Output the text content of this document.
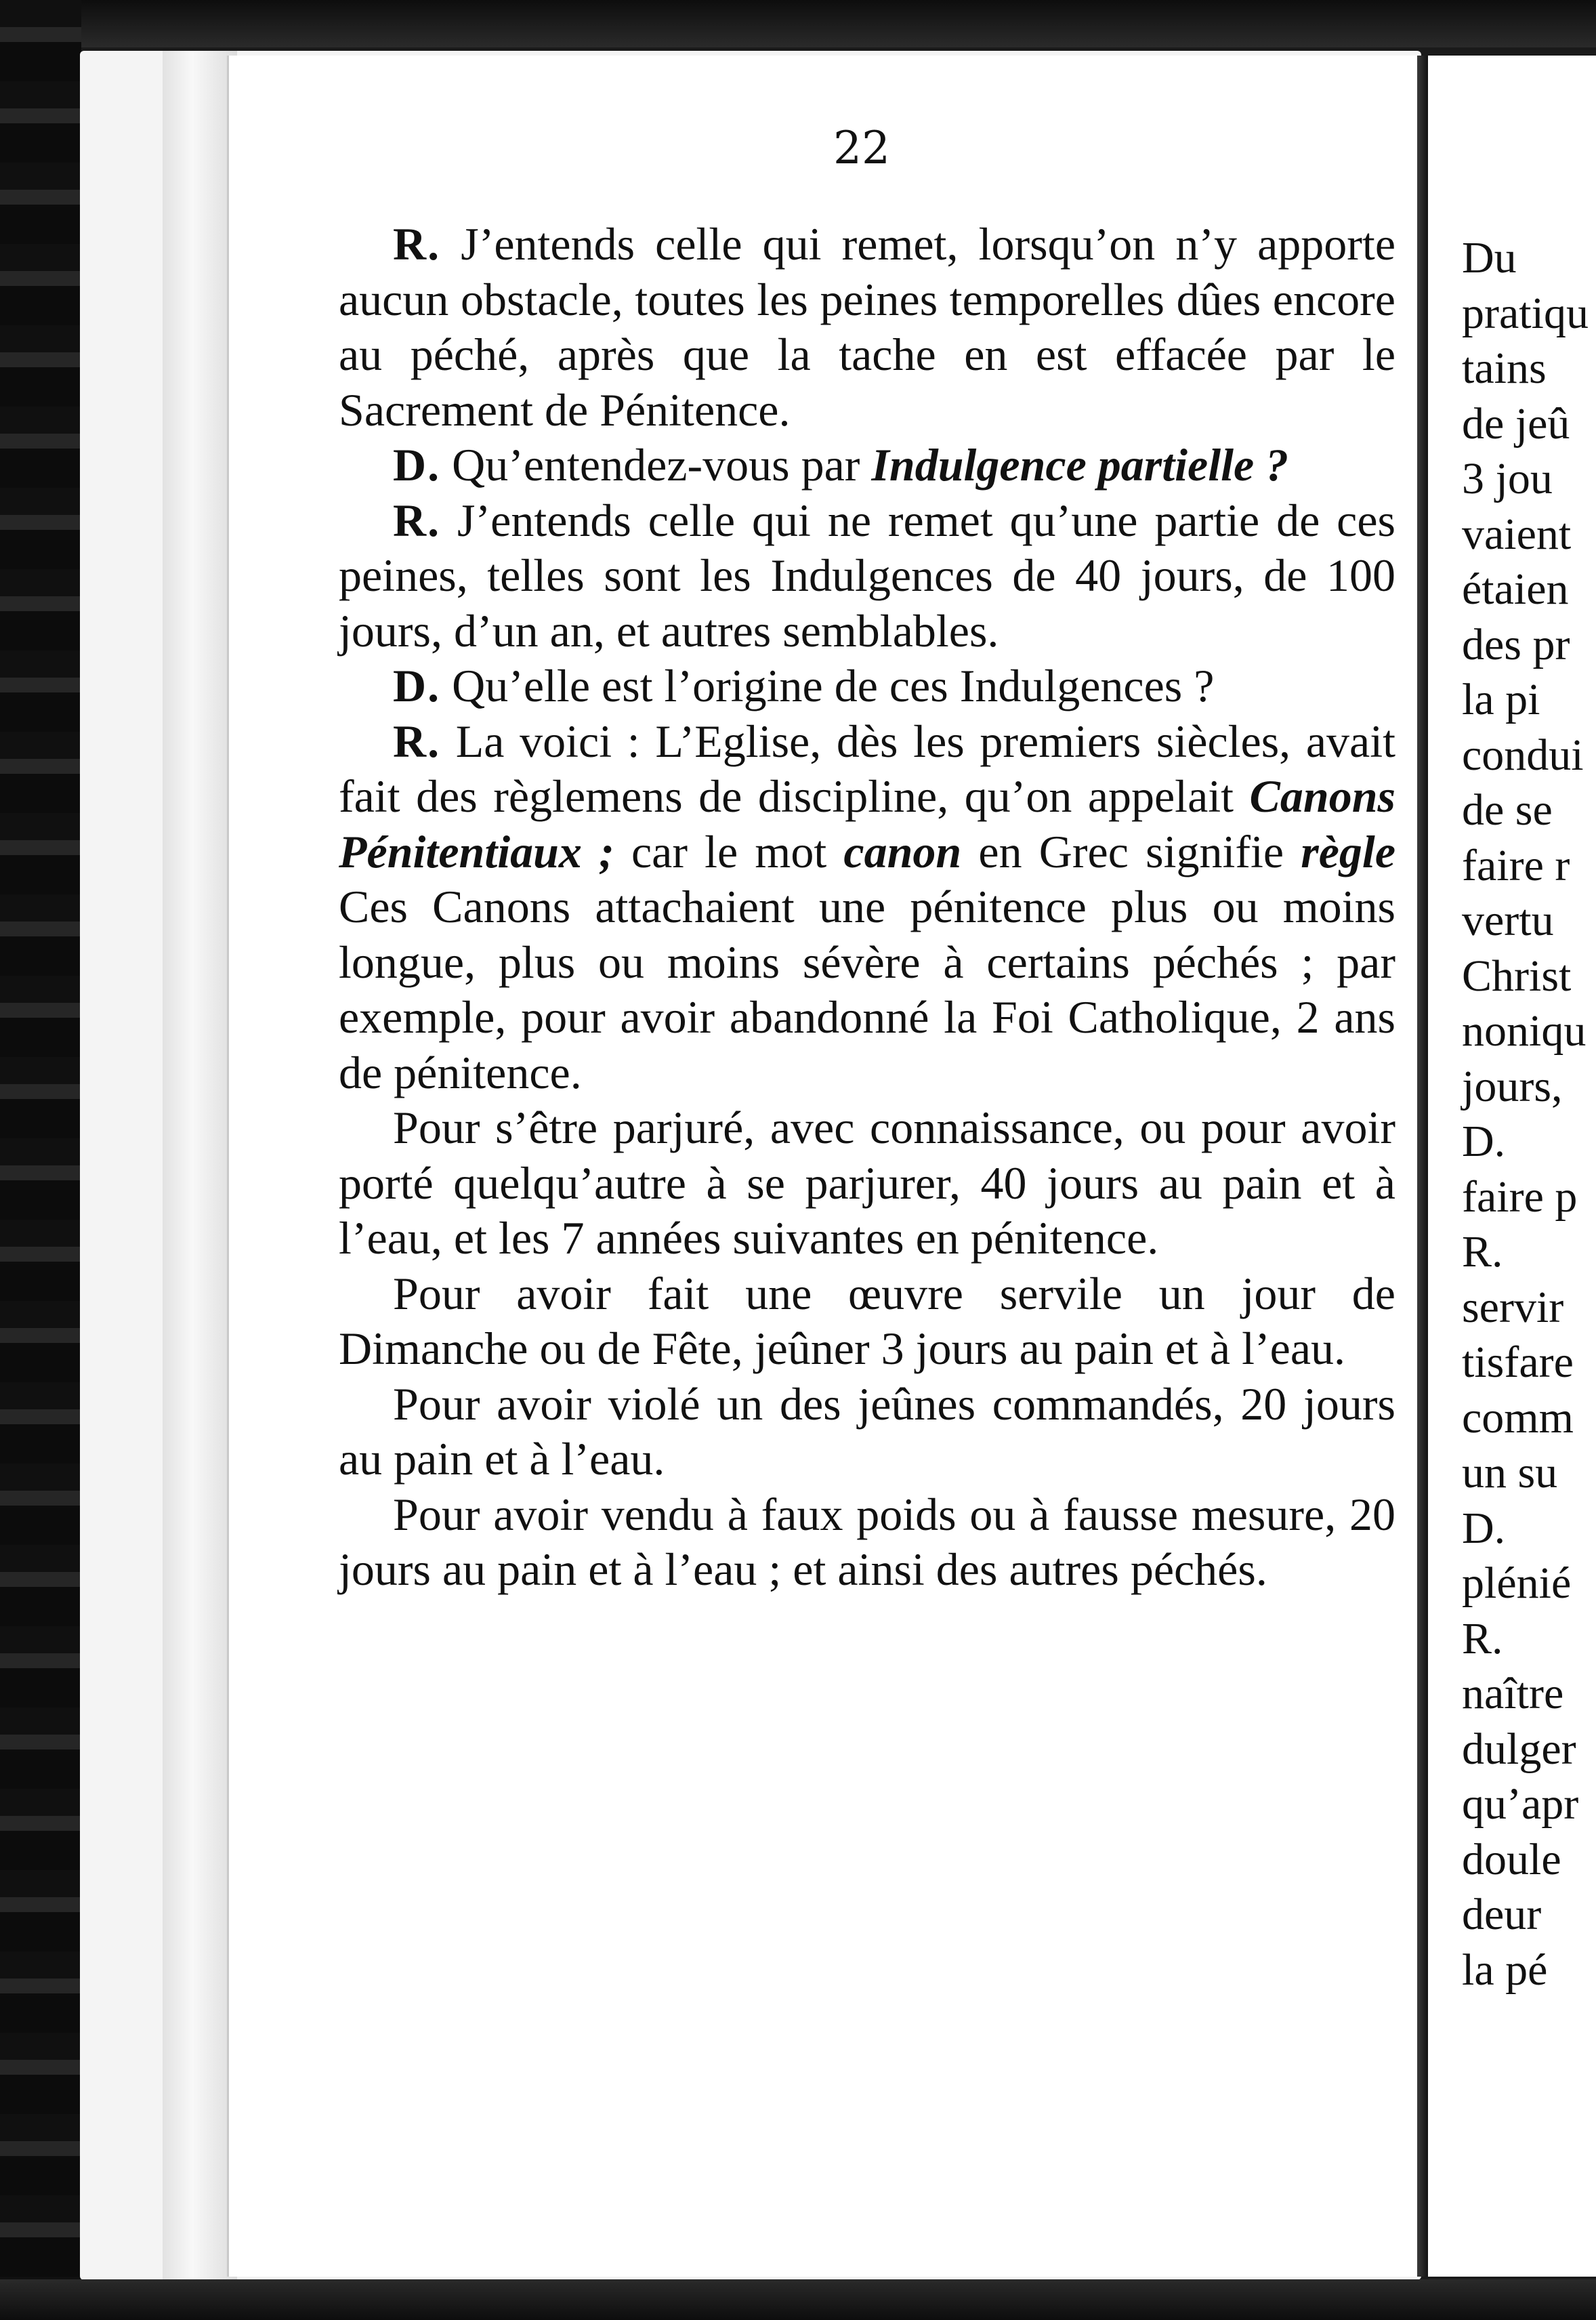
22

R. J’entends celle qui remet, lorsqu’on n’y apporte aucun obstacle, toutes les peines temporelles dûes encore au péché, après que la tache en est effacée par le Sacrement de Pénitence.

D. Qu’entendez-vous par Indulgence partielle ?

R. J’entends celle qui ne remet qu’une partie de ces peines, telles sont les Indulgences de 40 jours, de 100 jours, d’un an, et autres semblables.

D. Qu’elle est l’origine de ces Indulgences ?

R. La voici : L’Eglise, dès les premiers siècles, avait fait des règlemens de discipline, qu’on appelait Canons Pénitentiaux ; car le mot canon en Grec signifie règle Ces Canons attachaient une pénitence plus ou moins longue, plus ou moins sévère à certains péchés ; par exemple, pour avoir abandonné la Foi Catholique, 2 ans de pénitence.

Pour s’être parjuré, avec connaissance, ou pour avoir porté quelqu’autre à se parjurer, 40 jours au pain et à l’eau, et les 7 années suivantes en pénitence.

Pour avoir fait une œuvre servile un jour de Dimanche ou de Fête, jeûner 3 jours au pain et à l’eau.

Pour avoir violé un des jeûnes commandés, 20 jours au pain et à l’eau.

Pour avoir vendu à faux poids ou à fausse mesure, 20 jours au pain et à l’eau ; et ainsi des autres péchés.

Du
pratiqu
tains
de jeû
3 jou
vaient
étaien
des pr
la pi
condui
de se
faire r
vertu
Christ
noniqu
jours,
D.
faire p
R.
servir
tisfare
comm
un su
D.
plénié
R.
naître
dulger
qu’apr
doule
deur
la pé
